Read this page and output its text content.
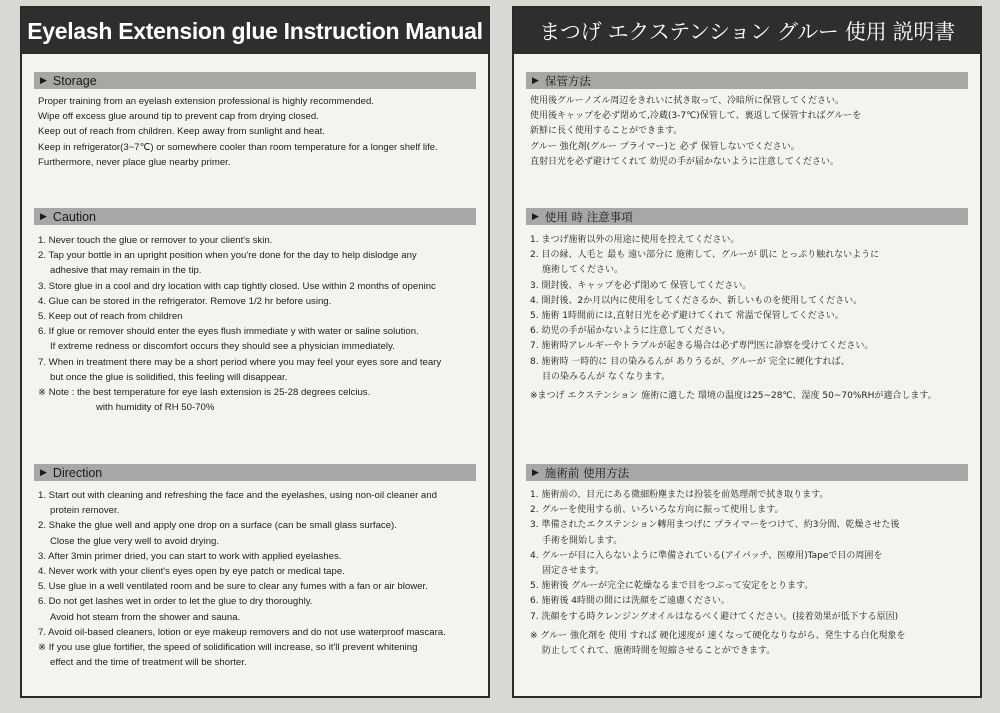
Eyelash Extension glue Instruction Manual
▶ Storage
Proper training from an eyelash extension professional is highly recommended.
Wipe off excess glue around tip to prevent cap from drying closed.
Keep out of reach from children. Keep away from sunlight and heat.
Keep in refrigerator(3~7℃) or somewhere cooler than room temperature for a longer shelf life.
Furthermore, never place glue nearby primer.
▶ Caution
1. Never touch the glue or remover to your client's skin.
2. Tap your bottle in an upright position when you're done for the day to help dislodge any
adhesive that may remain in the tip.
3. Store glue in a cool and dry location with cap tightly closed. Use within 2 months of openinc
4. Glue can be stored in the refrigerator. Remove 1/2 hr before using.
5. Keep out of reach from children
6. If glue or remover should enter the eyes flush immediate y with water or saline solution.
If extreme redness or discomfort occurs they should see a physician immediately.
7. When in treatment there may be a short period where you may feel your eyes sore and teary
but once the glue is solidified, this feeling will disappear.
※ Note : the best temperature for eye lash extension is 25-28 degrees celcius.
with humidity of RH 50-70%
▶ Direction
1. Start out with cleaning and refreshing the face and the eyelashes, using non-oil cleaner and
protein remover.
2. Shake the glue well and apply one drop on a surface (can be small glass surface).
Close the glue very well to avoid drying.
3. After 3min primer dried, you can start to work with applied eyelashes.
4. Never work with your client's eyes open by eye patch or medical tape.
5. Use glue in a well ventilated room and be sure to clear any fumes with a fan or air blower.
6. Do not get lashes wet in order to let the glue to dry thoroughly.
Avoid hot steam from the shower and sauna.
7. Avoid oil-based cleaners, lotion or eye makeup removers and do not use waterproof mascara.
※ If you use glue fortifier, the speed of solidification will increase, so it'll prevent whitening
effect and the time of treatment will be shorter.
まつげ エクステンション グルー 使用 説明書
▶ 保管方法
使用後グルーノズル周辺をきれいに拭き取って、冷暗所に保管してください。
使用後キャップを必ず閉めて,冷蔵(3-7℃)保管して、裏返して保管すればグルーを
新鮮に長く使用することができます。
グルー 強化剤(グルー プライマー)と 必ず 保管しないでください。
直射日光を必ず避けてくれて 幼児の手が届かないように注意してください。
▶ 使用 時 注意事項
1. まつげ施術以外の用途に使用を控えてください。
2. 目の縁、人毛と 最も 遠い部分に 施術して、グルーが 肌に とっぷり触れないように
施術してください。
3. 開封後、キャップを必ず閉めて 保管してください。
4. 開封後、2か月以内に使用をしてくださるか、新しいものを使用してください。
5. 施術 1時間前には,直射日光を必ず避けてくれて 常温で保管してください。
6. 幼児の手が届かないように注意してください。
7. 施術時アレルギーやトラブルが起きる場合は必ず専門医に診察を受けてください。
8. 施術時 一時的に 目の染みるんが ありうるが、グルーが 完全に硬化すれば、
目の染みるんが なくなります。
※まつげ エクステンション 施術に適した 環境の温度は25~28℃、湿度 50~70%RHが適合します。
▶ 施術前 使用方法
1. 施術前の、目元にある微細粉塵または扮装を前処理剤で拭き取ります。
2. グルーを使用する前、いろいろな方向に振って使用します。
3. 準備されたエクステンション轉用まつげに プライマーをつけて、約3分間、乾燥させた後
手術を開始します。
4. グルーが目に入らないように準備されている(アイパッチ、医療用)Tapeで目の周囲を
固定させます。
5. 施術後 グルーが完全に乾燥なるまで目をつぶって安定をとります。
6. 施術後 4時間の間には洗顔をご遠慮ください。
7. 洗顔をする時クレンジングオイルはなるべく避けてください。(接着効果が低下する原因)
※ グルー 強化剤を 使用 すれば 硬化速度が 速くなって硬化なりながら、発生する白化現象を
防止してくれて、施術時間を短縮させることができます。
